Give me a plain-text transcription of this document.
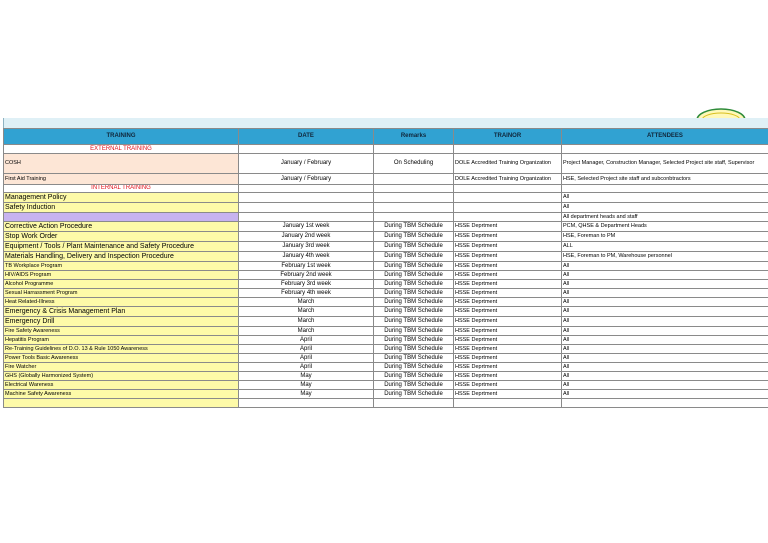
TRAINING	DATE	Remarks	TRAINOR	ATTENDEES
EXTERNAL TRAINING				
COSH	January / February	On Scheduling	DOLE Accredited Training Organization	Project Manager, Construction Manager, Selected Project site staff, Supervisor
First Aid Training	January / February		DOLE Accredited Training Organization	HSE, Selected Project site staff and subconbtractors
INTERNAL TRAINING				
Management Policy				All
Safety Induction				All
				All department heads and staff
Corrective Action Procedure	January 1st week	During TBM Schedule	HSSE Deprtment	PCM, QHSE & Department Heads
Stop Work Order	January 2nd week	During TBM Schedule	HSSE Deprtment	HSE, Foreman to PM
Equipment / Tools / Plant Maintenance and Safety Procedure	January 3rd week	During TBM Schedule	HSSE Deprtment	ALL
Materials Handling, Delivery and Inspection Procedure	January 4th week	During TBM Schedule	HSSE Deprtment	HSE, Foreman to PM, Warehouse personnel
TB Workplace Program	February 1st week	During TBM Schedule	HSSE Deprtment	All
HIV/AIDS Program	February 2nd week	During TBM Schedule	HSSE Deprtment	All
Alcohol Programme	February 3rd week	During TBM Schedule	HSSE Deprtment	All
Sexual Harrassment Program	February 4th week	During TBM Schedule	HSSE Deprtment	All
Heat Related-Illness	March	During TBM Schedule	HSSE Deprtment	All
Emergency & Crisis Management Plan	March	During TBM Schedule	HSSE Deprtment	All
Emergency Drill	March	During TBM Schedule	HSSE Deprtment	All
Fire Safety Awareness	March	During TBM Schedule	HSSE Deprtment	All
Hepatitis Program	April	During TBM Schedule	HSSE Deprtment	All
Re-Training Guidelines of D.O. 13 & Rule 1050 Awareness	April	During TBM Schedule	HSSE Deprtment	All
Power Tools Basic Awareness	April	During TBM Schedule	HSSE Deprtment	All
Fire Watcher	April	During TBM Schedule	HSSE Deprtment	All
GHS (Globally Harmonized System)	May	During TBM Schedule	HSSE Deprtment	All
Electrical Wareness	May	During TBM Schedule	HSSE Deprtment	All
Machine Safety Awareness	May	During TBM Schedule	HSSE Deprtment	All
